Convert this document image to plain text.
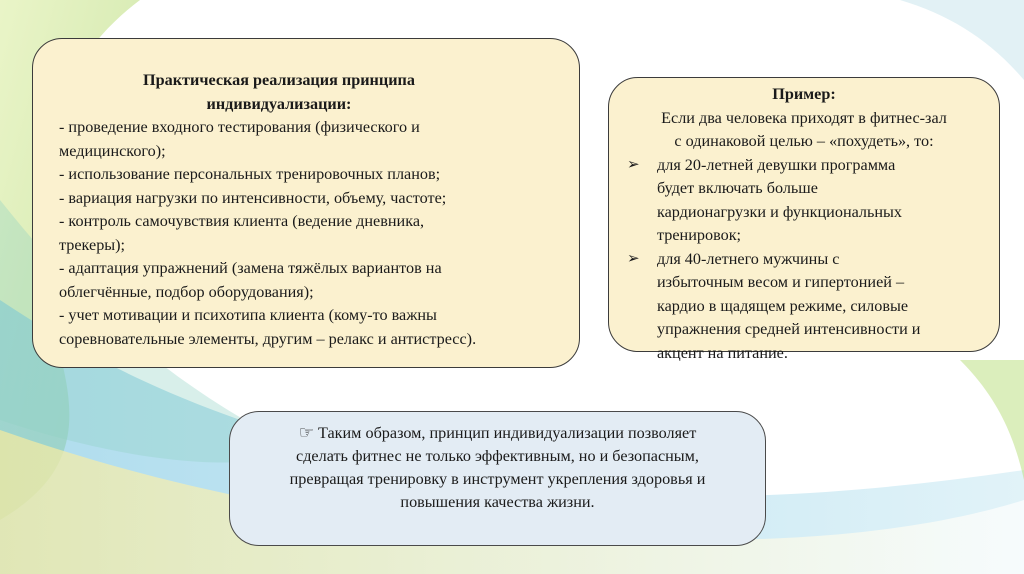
Практическая реализация принципа
индивидуализации:
- проведение входного тестирования (физического и
медицинского);
- использование персональных тренировочных планов;
- вариация нагрузки по интенсивности, объему, частоте;
- контроль самочувствия клиента (ведение дневника,
трекеры);
- адаптация упражнений (замена тяжёлых вариантов на
облегчённые, подбор оборудования);
- учет мотивации и психотипа клиента (кому-то важны
соревновательные элементы, другим – релакс и антистресс).
Пример:
Если два человека приходят в фитнес-зал
с одинаковой целью – «похудеть», то:
➢ для 20-летней девушки программа
будет включать больше
кардионагрузки и функциональных
тренировок;
➢ для 40-летнего мужчины с
избыточным весом и гипертонией –
кардио в щадящем режиме, силовые
упражнения средней интенсивности и
акцент на питание.
☞ Таким образом, принцип индивидуализации позволяет
сделать фитнес не только эффективным, но и безопасным,
превращая тренировку в инструмент укрепления здоровья и
повышения качества жизни.
